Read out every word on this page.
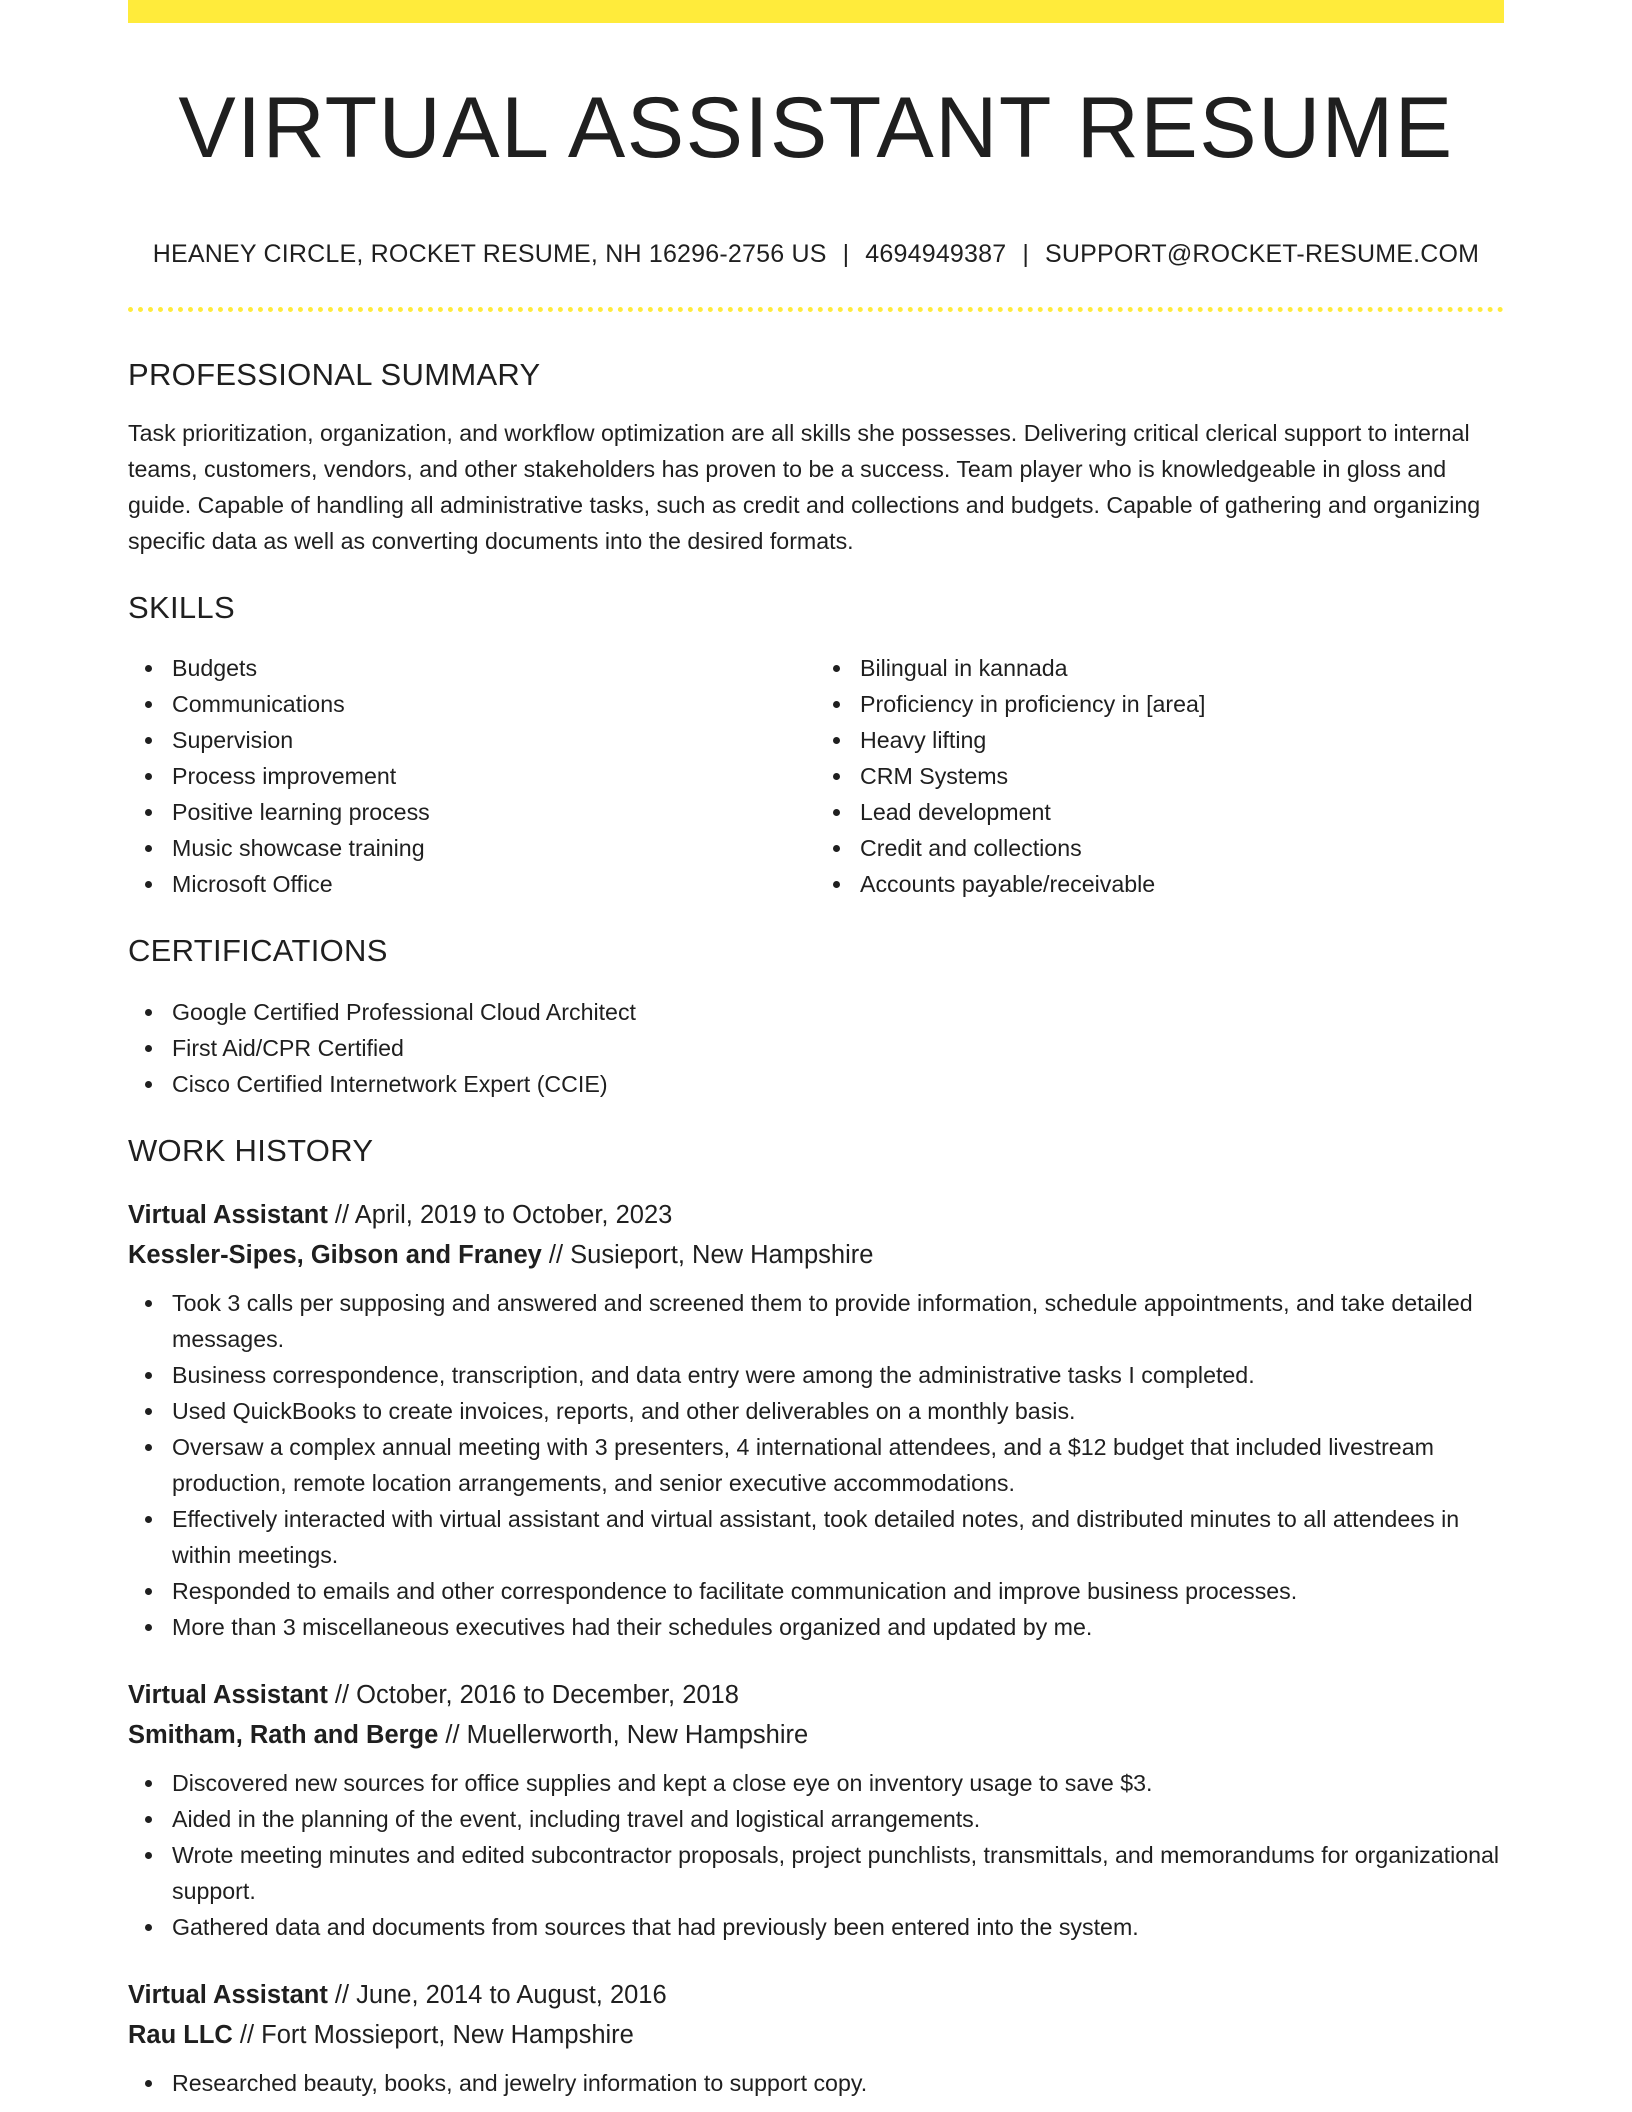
VIRTUAL ASSISTANT RESUME
HEANEY CIRCLE, ROCKET RESUME, NH 16296-2756 US | 4694949387 | SUPPORT@ROCKET-RESUME.COM
PROFESSIONAL SUMMARY

Task prioritization, organization, and workflow optimization are all skills she possesses. Delivering critical clerical support to internal teams, customers, vendors, and other stakeholders has proven to be a success. Team player who is knowledgeable in gloss and guide. Capable of handling all administrative tasks, such as credit and collections and budgets. Capable of gathering and organizing specific data as well as converting documents into the desired formats.

SKILLS
Budgets
Communications
Supervision
Process improvement
Positive learning process
Music showcase training
Microsoft Office
Bilingual in kannada
Proficiency in proficiency in [area]
Heavy lifting
CRM Systems
Lead development
Credit and collections
Accounts payable/receivable
CERTIFICATIONS
Google Certified Professional Cloud Architect
First Aid/CPR Certified
Cisco Certified Internetwork Expert (CCIE)
WORK HISTORY
Virtual Assistant // April, 2019 to October, 2023
Kessler-Sipes, Gibson and Franey // Susieport, New Hampshire
Took 3 calls per supposing and answered and screened them to provide information, schedule appointments, and take detailed messages.
Business correspondence, transcription, and data entry were among the administrative tasks I completed.
Used QuickBooks to create invoices, reports, and other deliverables on a monthly basis.
Oversaw a complex annual meeting with 3 presenters, 4 international attendees, and a $12 budget that included livestream production, remote location arrangements, and senior executive accommodations.
Effectively interacted with virtual assistant and virtual assistant, took detailed notes, and distributed minutes to all attendees in within meetings.
Responded to emails and other correspondence to facilitate communication and improve business processes.
More than 3 miscellaneous executives had their schedules organized and updated by me.
Virtual Assistant // October, 2016 to December, 2018
Smitham, Rath and Berge // Muellerworth, New Hampshire
Discovered new sources for office supplies and kept a close eye on inventory usage to save $3.
Aided in the planning of the event, including travel and logistical arrangements.
Wrote meeting minutes and edited subcontractor proposals, project punchlists, transmittals, and memorandums for organizational support.
Gathered data and documents from sources that had previously been entered into the system.
Virtual Assistant // June, 2014 to August, 2016
Rau LLC // Fort Mossieport, New Hampshire
Researched beauty, books, and jewelry information to support copy.
